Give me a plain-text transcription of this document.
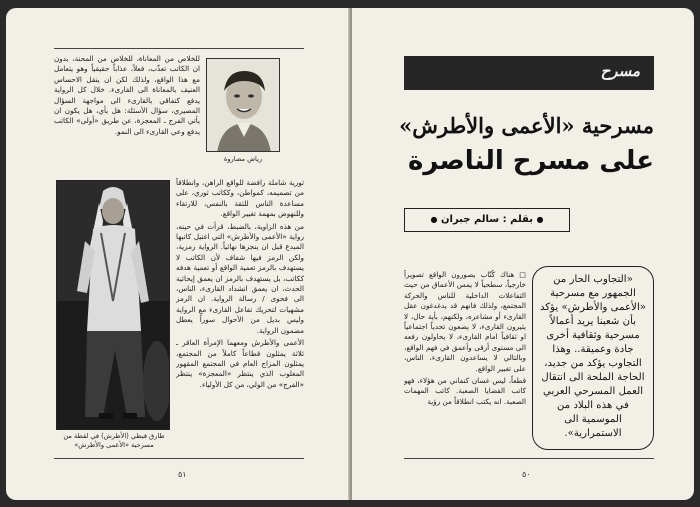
رياض مصاروة
للخلاص من المعاناة، للخلاص من المحنة، بدون ان الكاتب تعذّب، فعلاً، عذاباً حقيقياً وهو يتعامل مع هذا الواقع، ولذلك لكن ان ينقل الاحساس العنيف بالمعاناة الى القارىء. خلال كل الرواية يدفع كتفاقي بالقارىء الى مواجهة السؤال المصيري، سؤال الأسئلة: هل بأي، هل يكون ان يأتي الفرج ـ المعجزة، عن طريق «أولى» الكاتب يدفع وعي القارىء الى النمو.
طارق قبطي (الأطرش) في لقطة من مسرحية «الأعمى والأطرش»

ثورية شاملة رافضة للواقع الراهن، وانطلاقاً من تصميمه، كمواطن، وككاتب ثوري، على مساعدة الناس للثقة بالنفس، للارتقاء وللنهوض بمهمة تغيير الواقع.

من هذه الزاوية، بالضبط، قرأت في حينه، رواية «الأعمى والأطرش» التي اغتيل كاتبها المبدع قبل ان ينجزها نهائياً. الرواية رمزية، ولكن الرمز فيها شفاف لأن الكاتب لا يستهدف بالرمز تعمية الواقع أو تعمية هدفه ككاتب، بل يستهدف بالرمز ان يعمق إيحائية الحدث، ان يعمق انشداد القارىء، الناس، الى فحوى / رسالة الرواية. ان الرمز مشهيات لتحريك تفاعل القارىء مع الرواية وليس بديل من الأحوال سوراً يعطل مضمون الرواية.

الأعمى والأطرش ومعهما الإمرأة العاقر ـ ثلاثة يمثلون قطاعاً كاملاً من المجتمع، يمثلون المزاج العام في المجتمع المقهور المغلوب الذي ينتظر «المعجزة» ينتظر «الفرج» من الولي، من كل الأولياء.

٥١
مسرح
مسرحية «الأعمى والأطرش»
على مسرح الناصرة
● بقلم : سالم جبران ●
«التجاوب الحار من الجمهور مع مسرحية «الأعمى والأطرش» يؤكد بأن شعبنا يريد أعمالاً مسرحية وثقافية أخرى جادة وعميقة.. وهذا التجاوب يؤكد من جديد، الحاجة الملحة الى انتقال العمل المسرحي العربي في هذه البلاد من الموسمية الى الاستمرارية».

□ هناك كُتّاب يصورون الواقع تصويراً خارجياً، سطحياً لا يمس الأعماق من حيث التفاعلات الداخلية للناس والحركة المجتمع، ولذلك فانهم قد يدغدغون عقل القارىء أو مشاعره، ولكنهم، بأية حال، لا يثيرون القارىء، لا يضعون تحدياً اجتماعياً او ثقافياً امام القارىء، لا يحاولون رفعه الى مستوى أرقى وأعمق في فهم الواقع، وبالتالي لا يساعدون القارىء، الناس، على تغيير الواقع.

قطعاً، ليس غسان كنفاني من هؤلاء، فهو كاتب القضايا الصعبة. كاتب المهمات الصعبة. انه يكتب انطلاقاً من رؤية

٥٠
